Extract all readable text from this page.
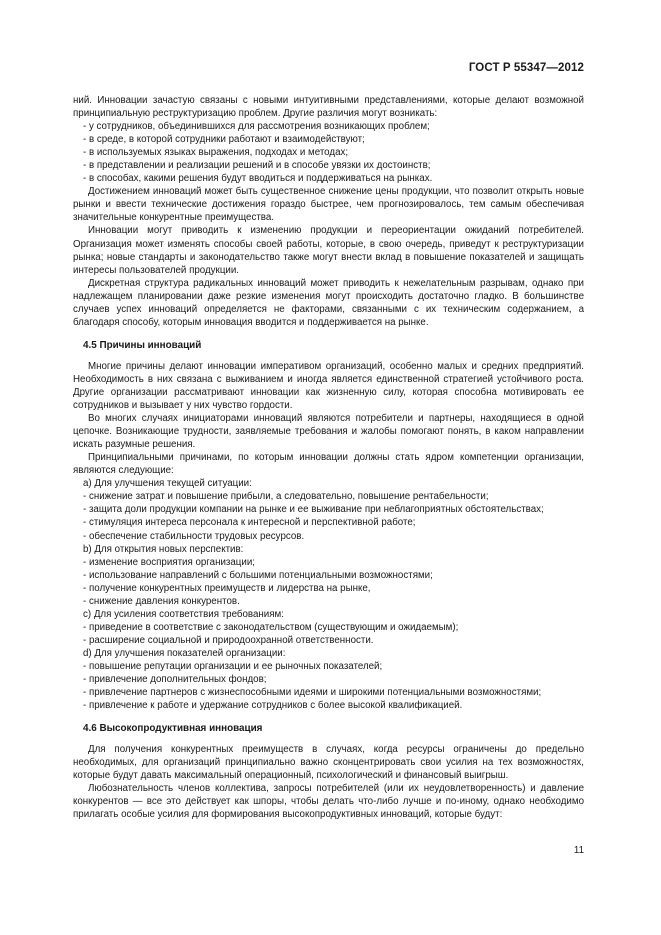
ГОСТ Р 55347—2012

ний. Инновации зачастую связаны с новыми интуитивными представлениями, которые делают возможной принципиальную реструктуризацию проблем. Другие различия могут возникать:

- у сотрудников, объединившихся для рассмотрения возникающих проблем;

- в среде, в которой сотрудники работают и взаимодействуют;

- в используемых языках выражения, подходах и методах;

- в представлении и реализации решений и в способе увязки их достоинств;

- в способах, какими решения будут вводиться и поддерживаться на рынках.

Достижением инноваций может быть существенное снижение цены продукции, что позволит открыть новые рынки и ввести технические достижения гораздо быстрее, чем прогнозировалось, тем самым обеспечивая значительные конкурентные преимущества.

Инновации могут приводить к изменению продукции и переориентации ожиданий потребителей. Организация может изменять способы своей работы, которые, в свою очередь, приведут к реструктуризации рынка; новые стандарты и законодательство также могут внести вклад в повышение показателей и защищать интересы пользователей продукции.

Дискретная структура радикальных инноваций может приводить к нежелательным разрывам, однако при надлежащем планировании даже резкие изменения могут происходить достаточно гладко. В большинстве случаев успех инноваций определяется не факторами, связанными с их техническим содержанием, а благодаря способу, которым инновация вводится и поддерживается на рынке.

4.5 Причины инноваций

Многие причины делают инновации императивом организаций, особенно малых и средних предприятий. Необходимость в них связана с выживанием и иногда является единственной стратегией устойчивого роста. Другие организации рассматривают инновации как жизненную силу, которая способна мотивировать ее сотрудников и вызывает у них чувство гордости.

Во многих случаях инициаторами инноваций являются потребители и партнеры, находящиеся в одной цепочке. Возникающие трудности, заявляемые требования и жалобы помогают понять, в каком направлении искать разумные решения.

Принципиальными причинами, по которым инновации должны стать ядром компетенции организации, являются следующие:

a) Для улучшения текущей ситуации:

- снижение затрат и повышение прибыли, а следовательно, повышение рентабельности;

- защита доли продукции компании на рынке и ее выживание при неблагоприятных обстоятельствах;

- стимуляция интереса персонала к интересной и перспективной работе;

- обеспечение стабильности трудовых ресурсов.

b) Для открытия новых перспектив:

- изменение восприятия организации;

- использование направлений с большими потенциальными возможностями;

- получение конкурентных преимуществ и лидерства на рынке,

- снижение давления конкурентов.

c) Для усиления соответствия требованиям:

- приведение в соответствие с законодательством (существующим и ожидаемым);

- расширение социальной и природоохранной ответственности.

d) Для улучшения показателей организации:

- повышение репутации организации и ее рыночных показателей;

- привлечение дополнительных фондов;

- привлечение партнеров с жизнеспособными идеями и широкими потенциальными возможностями;

- привлечение к работе и удержание сотрудников с более высокой квалификацией.

4.6 Высокопродуктивная инновация

Для получения конкурентных преимуществ в случаях, когда ресурсы ограничены до предельно необходимых, для организаций принципиально важно сконцентрировать свои усилия на тех возможностях, которые будут давать максимальный операционный, психологический и финансовый выигрыш.

Любознательность членов коллектива, запросы потребителей (или их неудовлетворенность) и давление конкурентов — все это действует как шпоры, чтобы делать что-либо лучше и по-иному, однако необходимо прилагать особые усилия для формирования высокопродуктивных инноваций, которые будут:

11
